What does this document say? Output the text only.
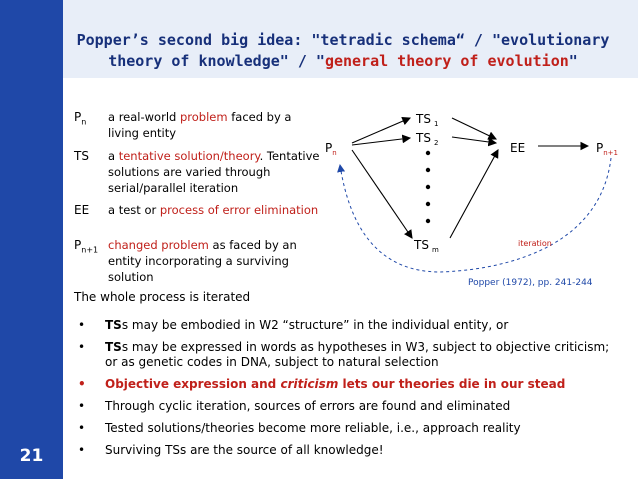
21
Popper’s second big idea: "tetradic schema“ / "evolutionary
theory of knowledge" / "general theory of evolution"
$P_n$ a real-world problem faced by a living entity
TS a tentative solution/theory. Tentative solutions are varied through serial/parallel iteration
EE a test or process of error elimination
$P_{n+1}$ changed problem as faced by an entity incorporating a surviving solution
The whole process is iterated
$P_n$
TS $_1$
TS $_2$
TS $_m$
EE	$P_{n+1}$
iteration
Popper (1972), pp. 241-244
• TSs may be embodied in W2 “structure” in the individual entity, or
• TSs may be expressed in words as hypotheses in W3, subject to objective criticism; or as genetic codes in DNA, subject to natural selection
• Objective expression and criticism lets our theories die in our stead
• Through cyclic iteration, sources of errors are found and eliminated
• Tested solutions/theories become more reliable, i.e., approach reality
• Surviving TSs are the source of all knowledge!
